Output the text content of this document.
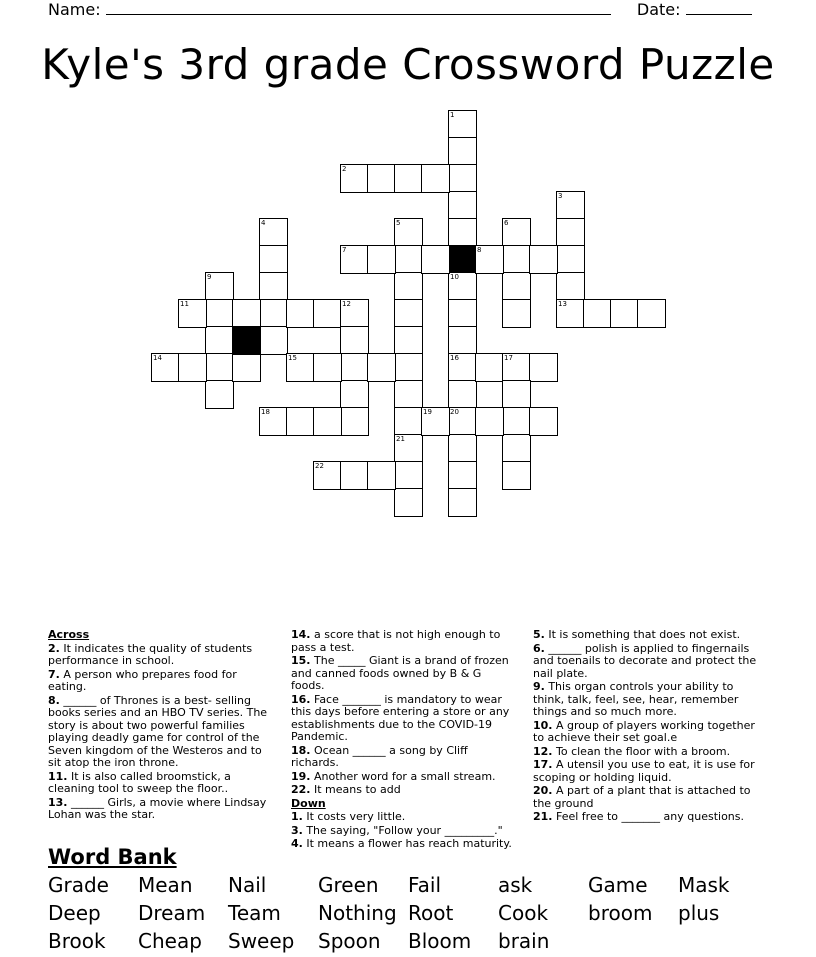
Name:	Date:
Kyle's 3rd grade Crossword Puzzle
1
10
16
20
2
3
4	5
21
6
7	8
9
11	12	13
14	15	17
18	19
22
Across
2. It indicates the quality of students performance in school.
7. A person who prepares food for eating.
8. ______ of Thrones is a best- selling books series and an HBO TV series. The story is about two powerful families playing deadly game for control of the Seven kingdom of the Westeros and to sit atop the iron throne.
11. It is also called broomstick, a cleaning tool to sweep the floor..
13. ______ Girls, a movie where Lindsay Lohan was the star.
14. a score that is not high enough to pass a test.
15. The _____ Giant is a brand of frozen and canned foods owned by B & G foods.
16. Face _______ is mandatory to wear this days before entering a store or any establishments due to the COVID-19 Pandemic.
18. Ocean ______ a song by Cliff richards.
19. Another word for a small stream.
22. It means to add
Down
1. It costs very little.
3. The saying, "Follow your _________."
4. It means a flower has reach maturity.
5. It is something that does not exist.
6. ______ polish is applied to fingernails and toenails to decorate and protect the nail plate.
9. This organ controls your ability to think, talk, feel, see, hear, remember things and so much more.
10. A group of players working together to achieve their set goal.e
12. To clean the floor with a broom.
17. A utensil you use to eat, it is use for scoping or holding liquid.
20. A part of a plant that is attached to the ground
21. Feel free to _______ any questions.
Word Bank
Grade Mean Nail	Green Fail	ask	Game Mask
Deep Dream Team Nothing Root Cook broom plus
Brook Cheap Sweep Spoon Bloom brain
